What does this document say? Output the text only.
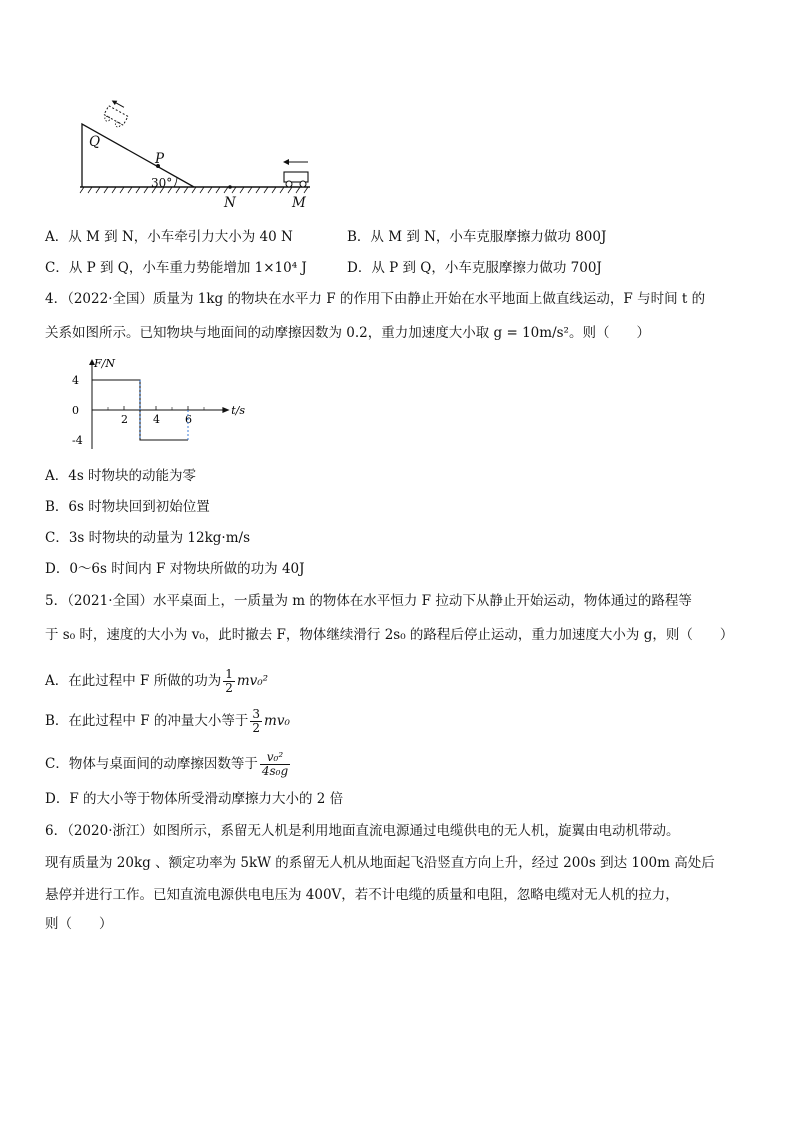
Q
P
30°
N	M
A．从 M 到 N，小车牵引力大小为 40 N	B．从 M 到 N，小车克服摩擦力做功 800J
C．从 P 到 Q，小车重力势能增加 1×10⁴ J	D．从 P 到 Q，小车克服摩擦力做功 700J
4．（2022·全国）质量为 1kg 的物块在水平力 F 的作用下由静止开始在水平地面上做直线运动，F 与时间 t 的
关系如图所示。已知物块与地面间的动摩擦因数为 0.2，重力加速度大小取 g = 10m/s²。则（　　）
F/N
t/s
2 4 6
4
0
-4
A．4s 时物块的动能为零
B．6s 时物块回到初始位置
C．3s 时物块的动量为 12kg·m/s
D．0～6s 时间内 F 对物块所做的功为 40J
5．（2021·全国）水平桌面上，一质量为 m 的物体在水平恒力 F 拉动下从静止开始运动，物体通过的路程等
于 s₀ 时，速度的大小为 v₀，此时撤去 F，物体继续滑行 2s₀ 的路程后停止运动，重力加速度大小为 g，则（　　）
A．在此过程中 F 所做的功为 $\frac{1}{2} mv_0^2$
B．在此过程中 F 的冲量大小等于 $\frac{3}{2} mv_0$
C．物体与桌面间的动摩擦因数等于 $\frac{\text{v₀²}}{\text{4s₀g}}$
D．F 的大小等于物体所受滑动摩擦力大小的 2 倍
6．（2020·浙江）如图所示，系留无人机是利用地面直流电源通过电缆供电的无人机，旋翼由电动机带动。
现有质量为 20kg 、额定功率为 5kW 的系留无人机从地面起飞沿竖直方向上升，经过 200s 到达 100m 高处后
悬停并进行工作。已知直流电源供电电压为 400V，若不计电缆的质量和电阻，忽略电缆对无人机的拉力，
则（　　）
